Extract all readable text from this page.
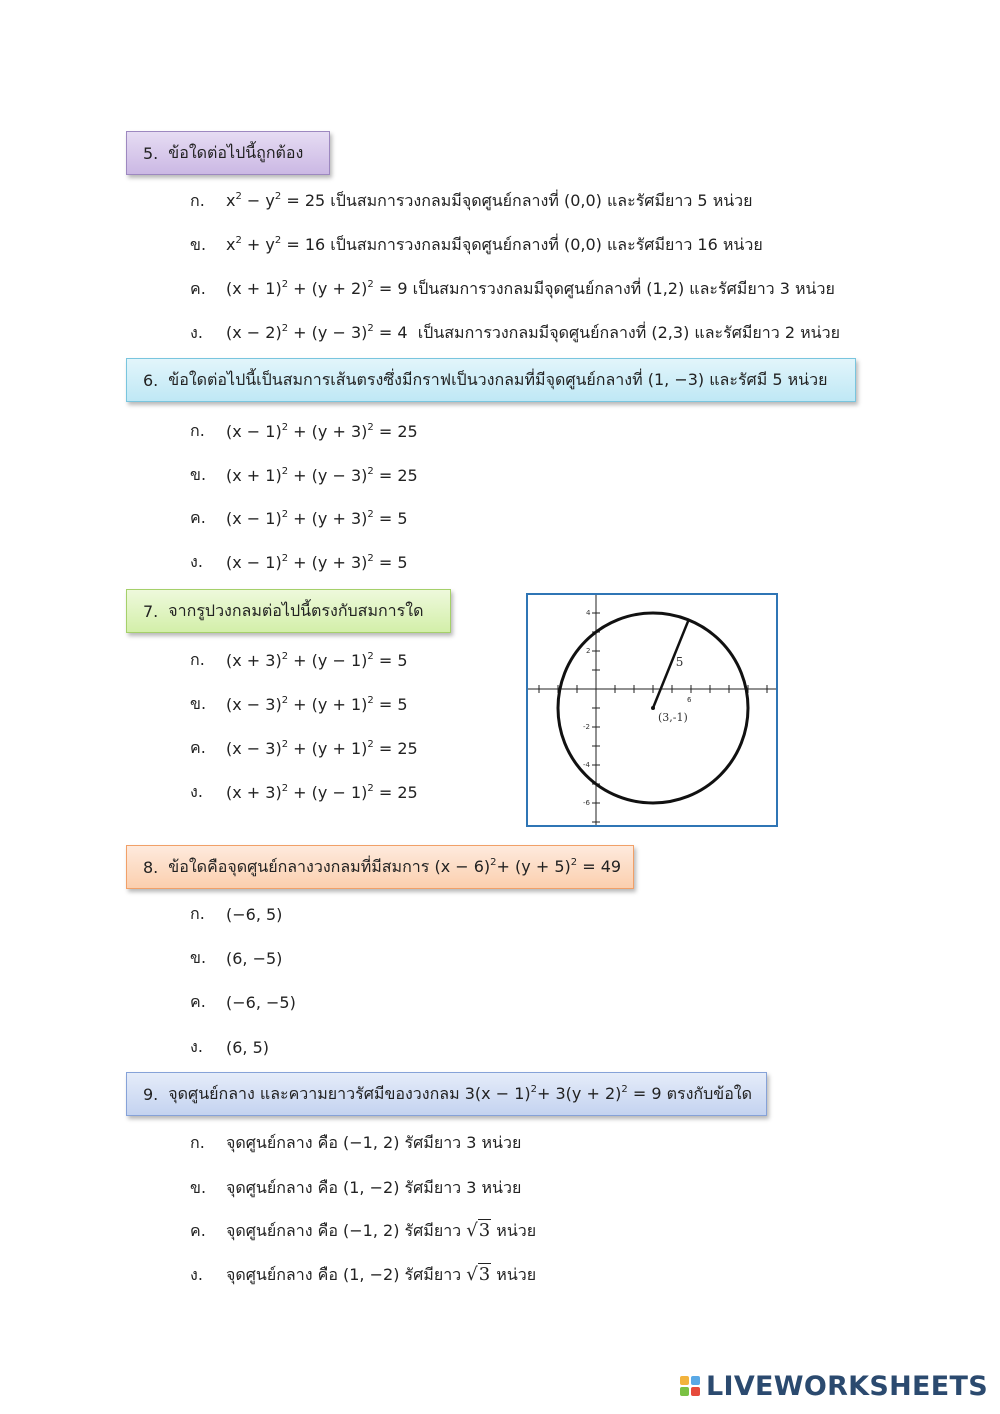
5. ข้อใดต่อไปนี้ถูกต้อง
ก.	$x^2 - y^2 = 25$ เป็นสมการวงกลมมีจุดศูนย์กลางที่ (0,0) และรัศมียาว 5 หน่วย
ข.	$x^2 + y^2 = 16$ เป็นสมการวงกลมมีจุดศูนย์กลางที่ (0,0) และรัศมียาว 16 หน่วย
ค.	$(x + 1)^2 + (y + 2)^2 = 9$ เป็นสมการวงกลมมีจุดศูนย์กลางที่ (1,2) และรัศมียาว 3 หน่วย
ง.	$(x - 2)^2 + (y - 3)^2 = 4$  เป็นสมการวงกลมมีจุดศูนย์กลางที่ (2,3) และรัศมียาว 2 หน่วย
6. ข้อใดต่อไปนี้เป็นสมการเส้นตรงซึ่งมีกราฟเป็นวงกลมที่มีจุดศูนย์กลางที่ (1, −3) และรัศมี 5 หน่วย
ก.	$(x - 1)^2 + (y + 3)^2 = 25$
ข.	$(x + 1)^2 + (y - 3)^2 = 25$
ค.	$(x - 1)^2 + (y + 3)^2 = 5$
ง.	$(x - 1)^2 + (y + 3)^2 = 5$
7. จากรูปวงกลมต่อไปนี้ตรงกับสมการใด
ก.	$(x + 3)^2 + (y - 1)^2 = 5$
ข.	$(x - 3)^2 + (y + 1)^2 = 5$
ค.	$(x - 3)^2 + (y + 1)^2 = 25$
ง.	$(x + 3)^2 + (y - 1)^2 = 25$
(3,-1)
5
4
2
-2
-4
-6
6
8. ข้อใดคือจุดศูนย์กลางวงกลมที่มีสมการ $(x - 6)^2+ (y + 5)^2 = 49$
ก.	(−6, 5)
ข.	(6, −5)
ค.	(−6, −5)
ง.	(6, 5)
9. จุดศูนย์กลาง และความยาวรัศมีของวงกลม $3(x - 1)^2+ 3(y + 2)^2 = 9$ ตรงกับข้อใด
ก.	จุดศูนย์กลาง คือ (−1, 2) รัศมียาว 3 หน่วย
ข.	จุดศูนย์กลาง คือ (1, −2) รัศมียาว 3 หน่วย
ค.	จุดศูนย์กลาง คือ (−1, 2) รัศมียาว √3 หน่วย
ง.	จุดศูนย์กลาง คือ (1, −2) รัศมียาว √3 หน่วย
LIVEWORKSHEETS
